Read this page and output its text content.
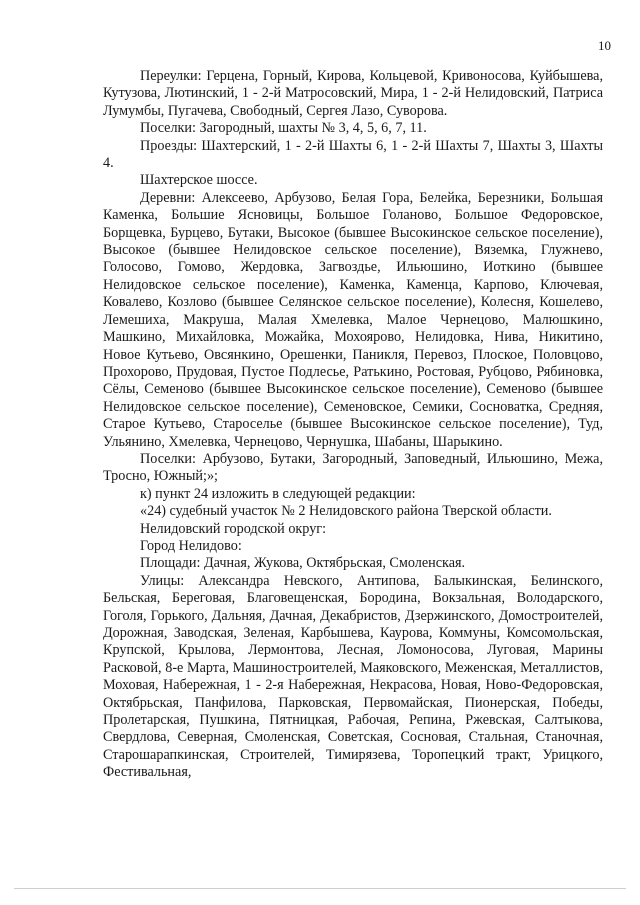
10

Переулки: Герцена, Горный, Кирова, Кольцевой, Кривоносова, Куйбышева, Кутузова, Лютинский, 1 - 2-й Матросовский, Мира, 1 - 2-й Нелидовский, Патриса Лумумбы, Пугачева, Свободный, Сергея Лазо, Суворова.

Поселки: Загородный, шахты № 3, 4, 5, 6, 7, 11.

Проезды: Шахтерский, 1 - 2-й Шахты 6, 1 - 2-й Шахты 7, Шахты 3, Шахты 4.

Шахтерское шоссе.

Деревни: Алексеево, Арбузово, Белая Гора, Белейка, Березники, Большая Каменка, Большие Ясновицы, Большое Голаново, Большое Федоровское, Борщевка, Бурцево, Бутаки, Высокое (бывшее Высокинское сельское поселение), Высокое (бывшее Нелидовское сельское поселение), Вяземка, Глужнево, Голосово, Гомово, Жердовка, Загвоздье, Ильюшино, Иоткино (бывшее Нелидовское сельское поселение), Каменка, Каменца, Карпово, Ключевая, Ковалево, Козлово (бывшее Селянское сельское поселение), Колесня, Кошелево, Лемешиха, Макруша, Малая Хмелевка, Малое Чернецово, Малюшкино, Машкино, Михайловка, Можайка, Мохоярово, Нелидовка, Нива, Никитино, Новое Кутьево, Овсянкино, Орешенки, Паникля, Перевоз, Плоское, Половцово, Прохорово, Прудовая, Пустое Подлесье, Ратькино, Ростовая, Рубцово, Рябиновка, Сёлы, Семеново (бывшее Высокинское сельское поселение), Семеново (бывшее Нелидовское сельское поселение), Семеновское, Семики, Сосноватка, Средняя, Старое Кутьево, Староселье (бывшее Высокинское сельское поселение), Туд, Ульянино, Хмелевка, Чернецово, Чернушка, Шабаны, Шарыкино.

Поселки: Арбузово, Бутаки, Загородный, Заповедный, Ильюшино, Межа, Тросно, Южный;»;

к) пункт 24 изложить в следующей редакции:

«24) судебный участок № 2 Нелидовского района Тверской области.

Нелидовский городской округ:

Город Нелидово:

Площади: Дачная, Жукова, Октябрьская, Смоленская.

Улицы: Александра Невского, Антипова, Балыкинская, Белинского, Бельская, Береговая, Благовещенская, Бородина, Вокзальная, Володарского, Гоголя, Горького, Дальняя, Дачная, Декабристов, Дзержинского, Домостроителей, Дорожная, Заводская, Зеленая, Карбышева, Каурова, Коммуны, Комсомольская, Крупской, Крылова, Лермонтова, Лесная, Ломоносова, Луговая, Марины Расковой, 8-е Марта, Машиностроителей, Маяковского, Меженская, Металлистов, Моховая, Набережная, 1 - 2-я Набережная, Некрасова, Новая, Ново-Федоровская, Октябрьская, Панфилова, Парковская, Первомайская, Пионерская, Победы, Пролетарская, Пушкина, Пятницкая, Рабочая, Репина, Ржевская, Салтыкова, Свердлова, Северная, Смоленская, Советская, Сосновая, Стальная, Станочная, Старошарапкинская, Строителей, Тимирязева, Торопецкий тракт, Урицкого, Фестивальная,
